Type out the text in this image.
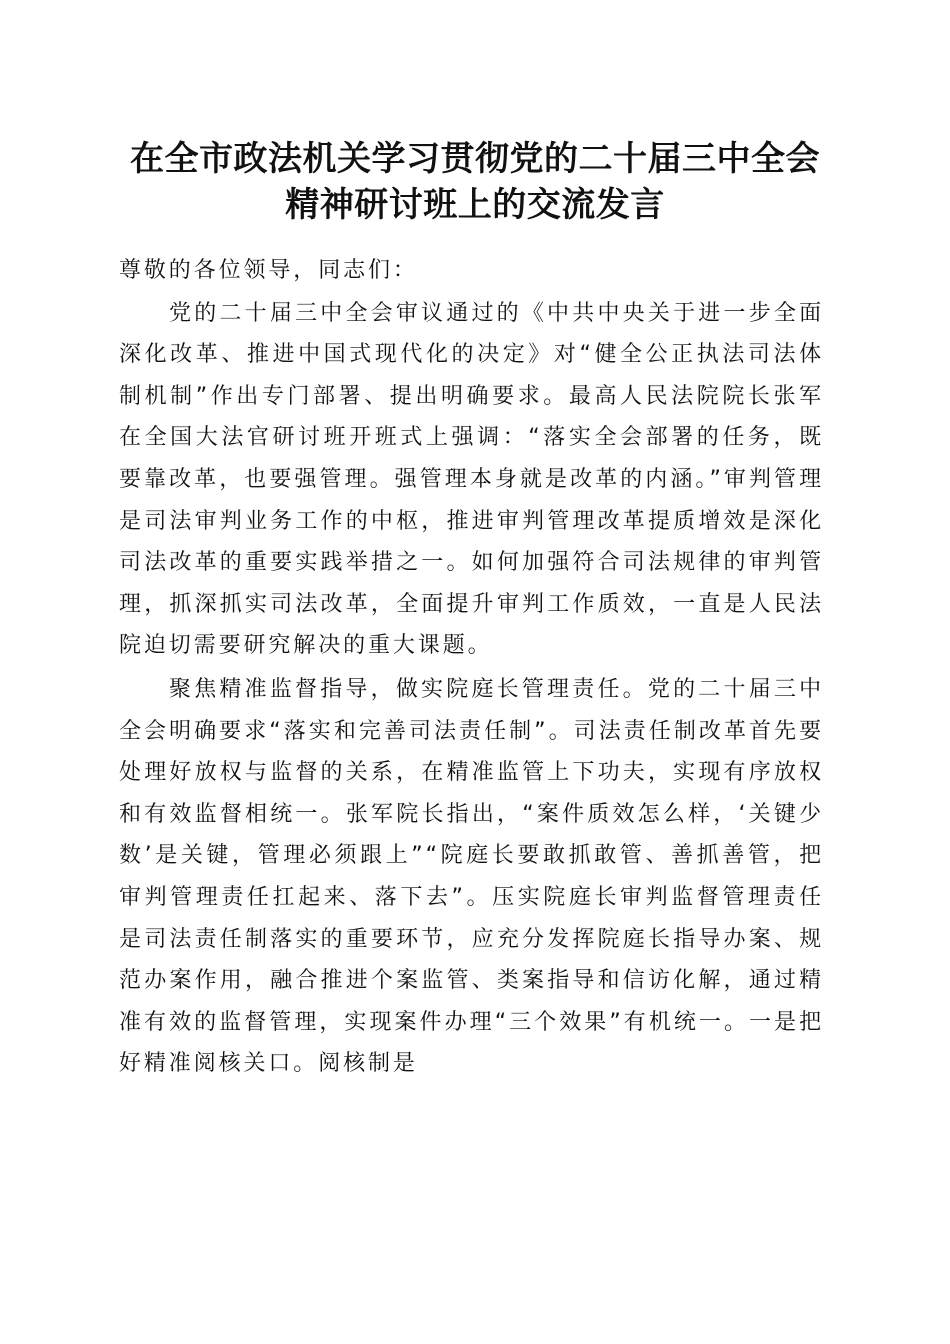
在全市政法机关学习贯彻党的二十届三中全会
精神研讨班上的交流发言

尊敬的各位领导，同志们：

党的二十届三中全会审议通过的《中共中央关于进一步全面深化改革、推进中国式现代化的决定》对“健全公正执法司法体制机制”作出专门部署、提出明确要求。最高人民法院院长张军在全国大法官研讨班开班式上强调：“落实全会部署的任务，既要靠改革，也要强管理。强管理本身就是改革的内涵。”审判管理是司法审判业务工作的中枢，推进审判管理改革提质增效是深化司法改革的重要实践举措之一。如何加强符合司法规律的审判管理，抓深抓实司法改革，全面提升审判工作质效，一直是人民法院迫切需要研究解决的重大课题。

聚焦精准监督指导，做实院庭长管理责任。党的二十届三中全会明确要求“落实和完善司法责任制”。司法责任制改革首先要处理好放权与监督的关系，在精准监管上下功夫，实现有序放权和有效监督相统一。张军院长指出，“案件质效怎么样，‘关键少数’是关键，管理必须跟上”“院庭长要敢抓敢管、善抓善管，把审判管理责任扛起来、落下去”。压实院庭长审判监督管理责任是司法责任制落实的重要环节，应充分发挥院庭长指导办案、规范办案作用，融合推进个案监管、类案指导和信访化解，通过精准有效的监督管理，实现案件办理“三个效果”有机统一。一是把好精准阅核关口。阅核制是
